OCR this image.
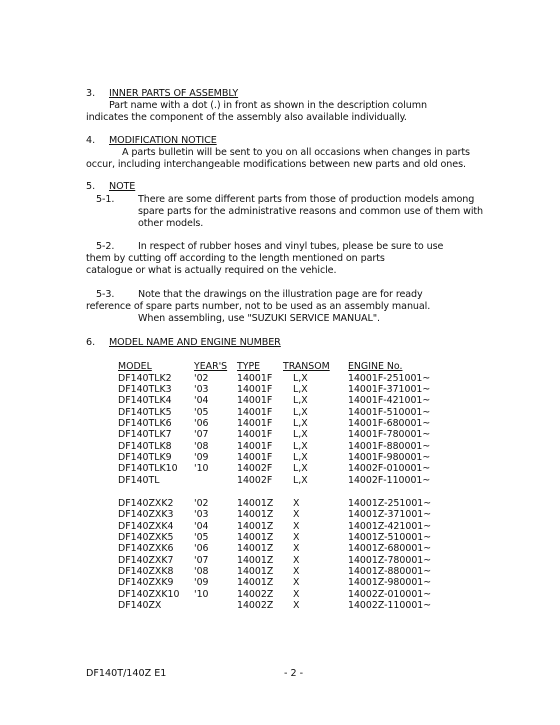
3. INNER PARTS OF ASSEMBLY
Part name with a dot (.) in front as shown in the description column
indicates the component of the assembly also available individually.
4. MODIFICATION NOTICE
A parts bulletin will be sent to you on all occasions when changes in parts
occur, including interchangeable modifications between new parts and old ones.
5. NOTE
5-1. There are some different parts from those of production models among
spare parts for the administrative reasons and common use of them with
other models.
5-2. In respect of rubber hoses and vinyl tubes, please be sure to use
them by cutting off according to the length mentioned on parts
catalogue or what is actually required on the vehicle.
5-3. Note that the drawings on the illustration page are for ready
reference of spare parts number, not to be used as an assembly manual.
When assembling, use "SUZUKI SERVICE MANUAL".
6. MODEL NAME AND ENGINE NUMBER
MODEL	YEAR'S TYPE TRANSOM ENGINE No.
DF140TLK2 '02	14001F L,X	14001F-251001~
DF140TLK3 '03	14001F L,X	14001F-371001~
DF140TLK4 '04	14001F L,X	14001F-421001~
DF140TLK5 '05	14001F L,X	14001F-510001~
DF140TLK6 '06	14001F L,X	14001F-680001~
DF140TLK7 '07	14001F L,X	14001F-780001~
DF140TLK8 '08	14001F L,X	14001F-880001~
DF140TLK9 '09	14001F L,X	14001F-980001~
DF140TLK10 '10	14002F L,X	14002F-010001~
DF140TL	14002F L,X	14002F-110001~
DF140ZXK2 '02	14001Z X	14001Z-251001~
DF140ZXK3 '03	14001Z X	14001Z-371001~
DF140ZXK4 '04	14001Z X	14001Z-421001~
DF140ZXK5 '05	14001Z X	14001Z-510001~
DF140ZXK6 '06	14001Z X	14001Z-680001~
DF140ZXK7 '07	14001Z X	14001Z-780001~
DF140ZXK8 '08	14001Z X	14001Z-880001~
DF140ZXK9 '09	14001Z X	14001Z-980001~
DF140ZXK10 '10	14002Z X	14002Z-010001~
DF140ZX	14002Z X	14002Z-110001~
DF140T/140Z E1	- 2 -
